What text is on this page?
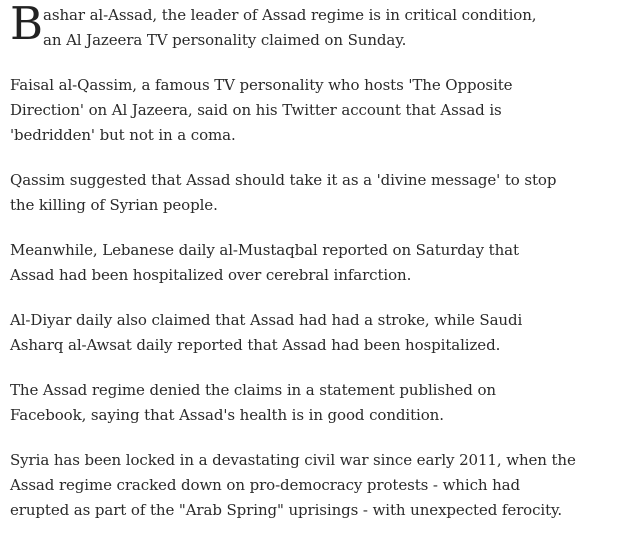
B ashar al-Assad, the leader of Assad regime is in critical condition,
an Al Jazeera TV personality claimed on Sunday.

Faisal al-Qassim, a famous TV personality who hosts 'The Opposite
Direction' on Al Jazeera, said on his Twitter account that Assad is
'bedridden' but not in a coma.

Qassim suggested that Assad should take it as a 'divine message' to stop
the killing of Syrian people.

Meanwhile, Lebanese daily al-Mustaqbal reported on Saturday that
Assad had been hospitalized over cerebral infarction.

Al-Diyar daily also claimed that Assad had had a stroke, while Saudi
Asharq al-Awsat daily reported that Assad had been hospitalized.

The Assad regime denied the claims in a statement published on
Facebook, saying that Assad's health is in good condition.

Syria has been locked in a devastating civil war since early 2011, when the
Assad regime cracked down on pro-democracy protests - which had
erupted as part of the "Arab Spring" uprisings - with unexpected ferocity.
